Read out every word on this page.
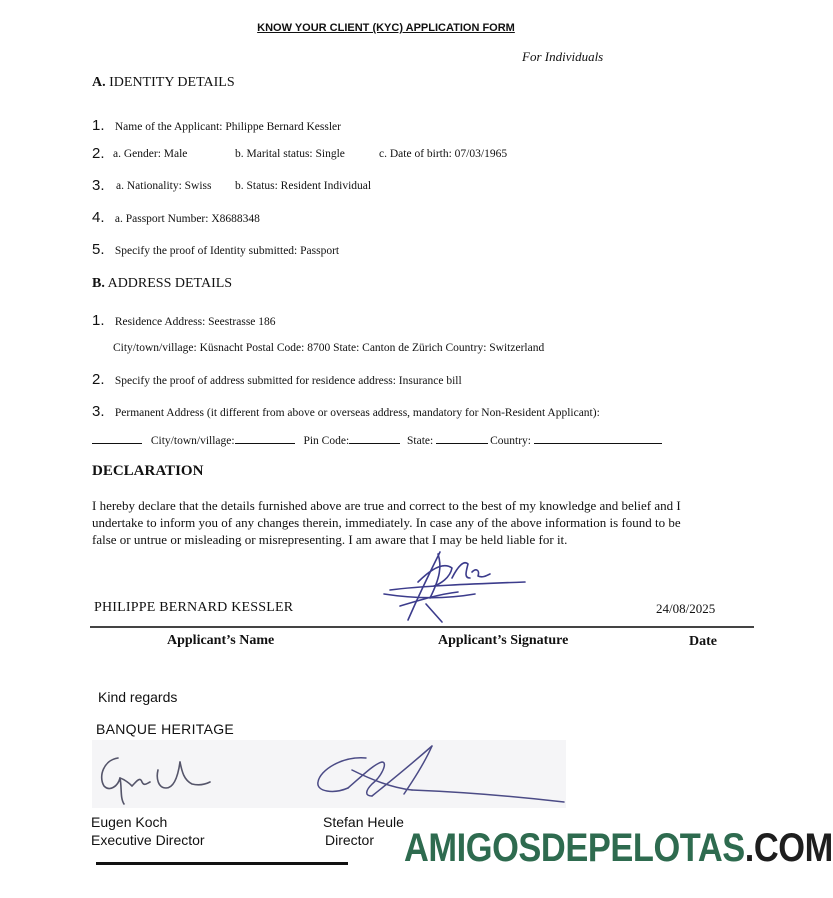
KNOW YOUR CLIENT (KYC) APPLICATION FORM
For Individuals
A. IDENTITY DETAILS
1. Name of the Applicant: Philippe Bernard Kessler
2. a. Gender: Male	b. Marital status: Single	c. Date of birth: 07/03/1965
3. a. Nationality: Swiss b. Status: Resident Individual
4. a. Passport Number: X8688348
5. Specify the proof of Identity submitted: Passport
B. ADDRESS DETAILS
1. Residence Address: Seestrasse 186
City/town/village: Küsnacht Postal Code: 8700 State: Canton de Zürich Country: Switzerland
2. Specify the proof of address submitted for residence address: Insurance bill
3. Permanent Address (it different from above or overseas address, mandatory for Non-Resident Applicant):
City/town/village:	Pin Code:	State:	Country:
DECLARATION
I hereby declare that the details furnished above are true and correct to the best of my knowledge and belief and I undertake to inform you of any changes therein, immediately. In case any of the above information is found to be false or untrue or misleading or misrepresenting. I am aware that I may be held liable for it.
PHILIPPE BERNARD KESSLER	24/08/2025
Applicant’s Name	Applicant’s Signature	Date
Kind regards
BANQUE HERITAGE
Eugen Koch
Executive Director
Stefan Heule
Director AMIGOSDEPELOTAS.COM
